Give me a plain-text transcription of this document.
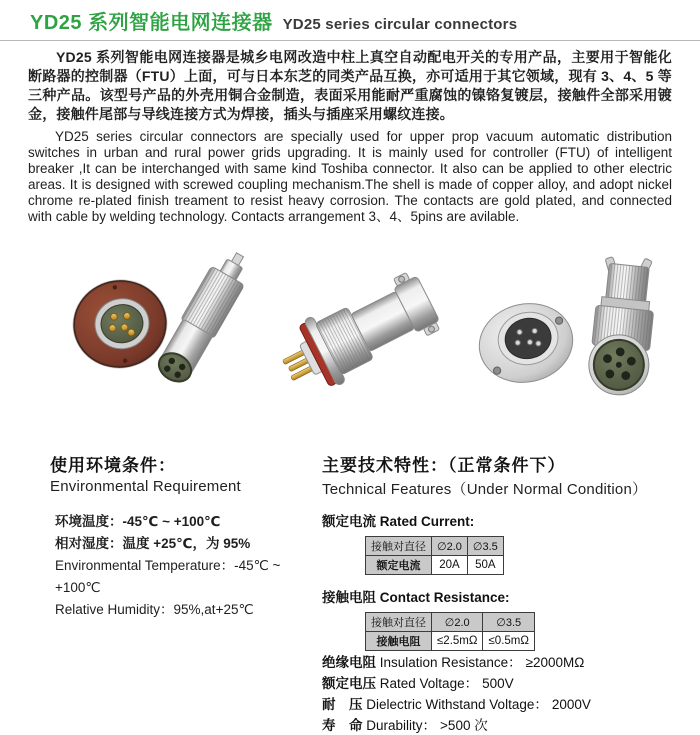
YD25 系列智能电网连接器 YD25 series circular connectors

YD25 系列智能电网连接器是城乡电网改造中柱上真空自动配电开关的专用产品，主要用于智能化断路器的控制器（FTU）上面，可与日本东芝的同类产品互换，亦可适用于其它领域，现有 3、4、5 等三种产品。该型号产品的外壳用铜合金制造，表面采用能耐严重腐蚀的镍铬复镀层，接触件全部采用镀金，接触件尾部与导线连接方式为焊接，插头与插座采用螺纹连接。

YD25 series circular connectors are specially used for upper prop vacuum automatic distribution switches in urban and rural power grids upgrading. It is mainly used for controller (FTU) of intelligent breaker ,It can be interchanged with same kind Toshiba connector. It also can be applied to other electric areas. It is designed with screwed coupling mechanism.The shell is made of copper alloy, and adopt nickel chrome re-plated finish treament to resist heavy corrosion. The contacts are gold plated, and connected with cable by welding technology. Contacts arrangement 3、4、5pins are avilable.

使用环境条件：
Environmental Requirement
环境温度：-45℃ ~ +100℃
相对湿度：温度 +25℃，为 95%
Environmental Temperature：-45℃ ~ +100℃
Relative Humidity：95%,at+25℃
主要技术特性：（正常条件下）
Technical Features（Under Normal Condition）
额定电流 Rated Current:
接触对直径	∅2.0	∅3.5
额定电流	20A	50A
接触电阻 Contact Resistance:
接触对直径	∅2.0	∅3.5
接触电阻	≤2.5mΩ	≤0.5mΩ
绝缘电阻 Insulation Resistance： ≥2000MΩ
额定电压 Rated Voltage： 500V
耐　压 Dielectric Withstand Voltage： 2000V
寿　命 Durability： >500 次
